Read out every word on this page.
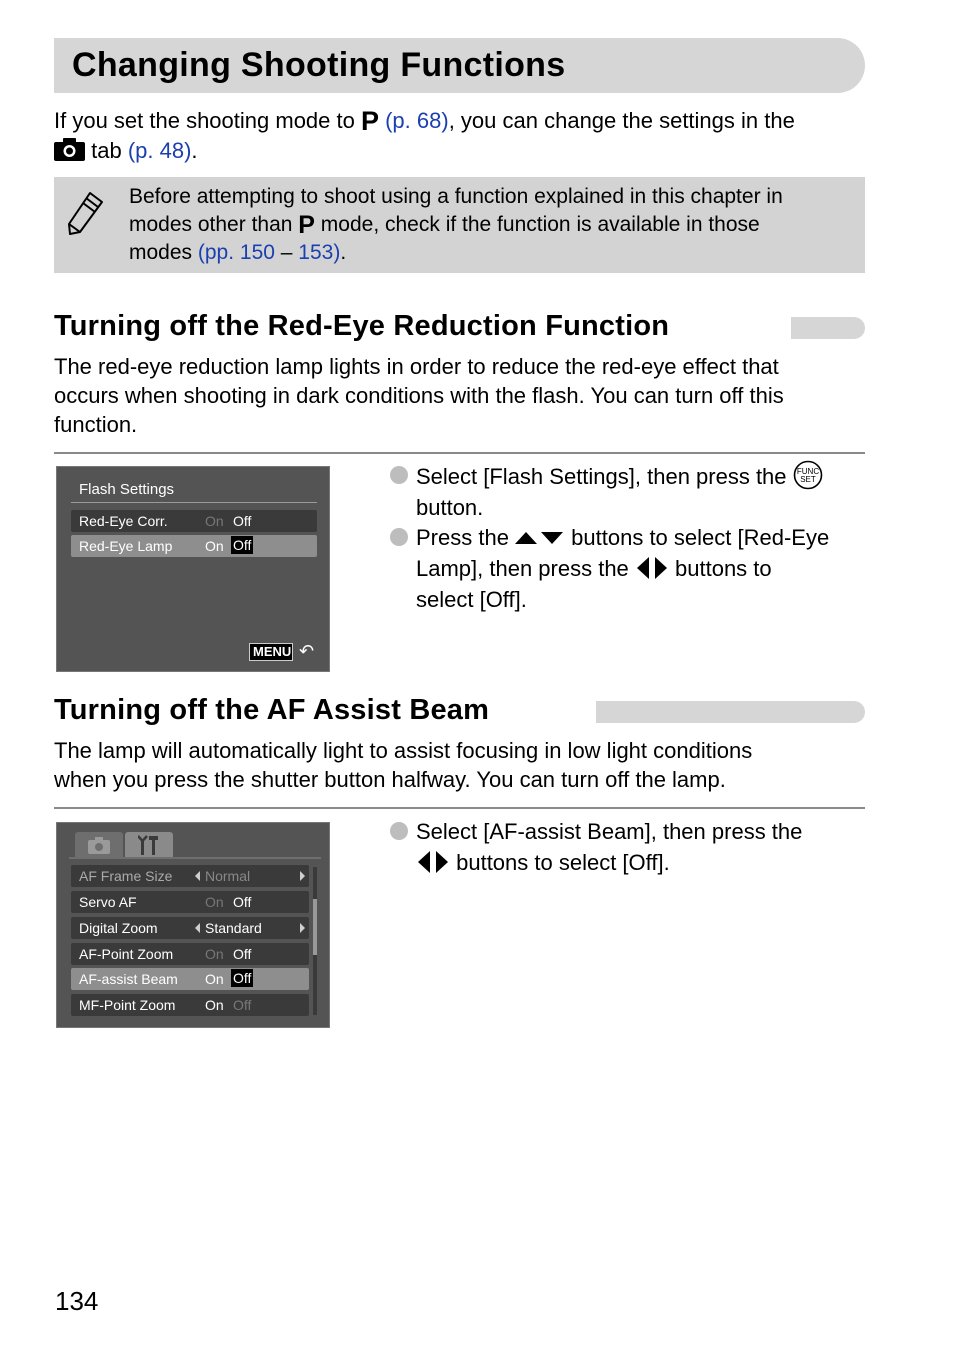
Changing Shooting Functions
If you set the shooting mode to P (p. 68), you can change the settings in the
tab (p. 48).
Before attempting to shoot using a function explained in this chapter in
modes other than P mode, check if the function is available in those
modes (pp. 150 – 153).
Turning off the Red-Eye Reduction Function
The red-eye reduction lamp lights in order to reduce the red-eye effect that
occurs when shooting in dark conditions with the flash. You can turn off this
function.
Flash Settings
Red-Eye Corr.	On Off
Red-Eye Lamp On Off
MENU ↶
Select [Flash Settings], then press the FUNC
SET
button.
Press the  buttons to select [Red-Eye
Lamp], then press the  buttons to
select [Off].
Turning off the AF Assist Beam
The lamp will automatically light to assist focusing in low light conditions
when you press the shutter button halfway. You can turn off the lamp.
AF Frame Size Normal
Servo AF	On Off
Digital Zoom	Standard
AF-Point Zoom On Off
AF-assist Beam On Off
MF-Point Zoom On Off
Select [AF-assist Beam], then press the
buttons to select [Off].
134
